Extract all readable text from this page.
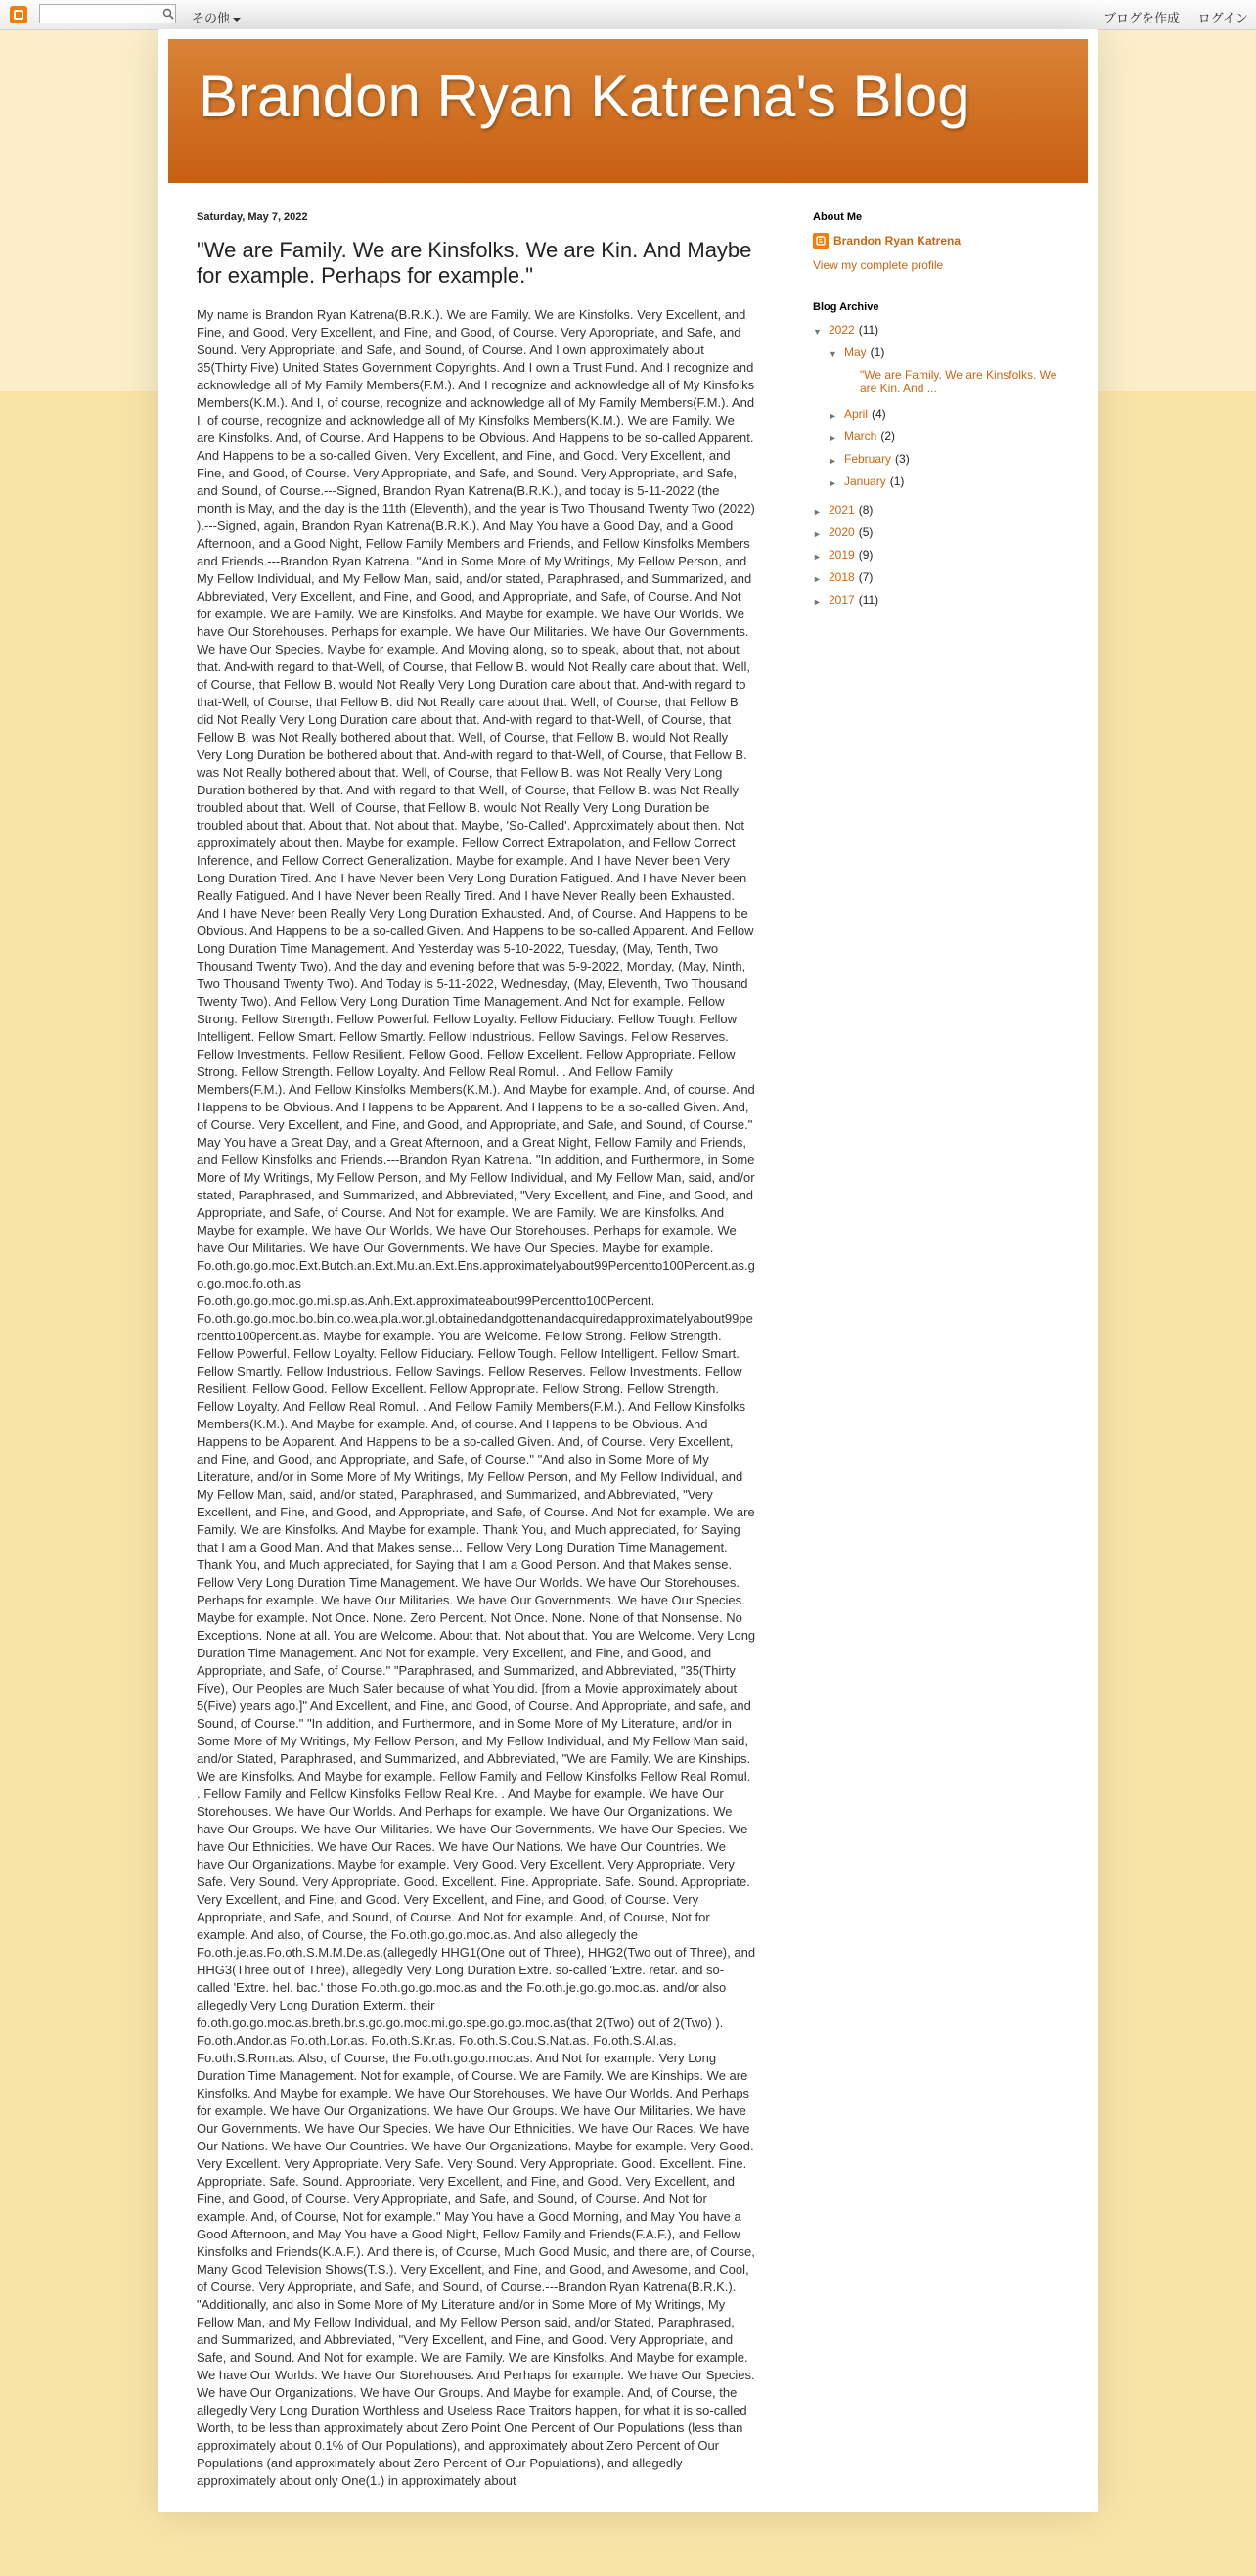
その他	ブログを作成 ログイン
Brandon Ryan Katrena's Blog
Saturday, May 7, 2022
"We are Family. We are Kinsfolks. We are Kin. And Maybe for example. Perhaps for example."
My name is Brandon Ryan Katrena(B.R.K.). We are Family. We are Kinsfolks. Very Excellent, and Fine, and Good. Very Excellent, and Fine, and Good, of Course. Very Appropriate, and Safe, and Sound. Very Appropriate, and Safe, and Sound, of Course. And I own approximately about 35(Thirty Five) United States Government Copyrights. And I own a Trust Fund. And I recognize and acknowledge all of My Family Members(F.M.). And I recognize and acknowledge all of My Kinsfolks Members(K.M.). And I, of course, recognize and acknowledge all of My Family Members(F.M.). And I, of course, recognize and acknowledge all of My Kinsfolks Members(K.M.). We are Family. We are Kinsfolks. And, of Course. And Happens to be Obvious. And Happens to be so-called Apparent. And Happens to be a so-called Given. Very Excellent, and Fine, and Good. Very Excellent, and Fine, and Good, of Course. Very Appropriate, and Safe, and Sound. Very Appropriate, and Safe, and Sound, of Course.---Signed, Brandon Ryan Katrena(B.R.K.), and today is 5-11-2022 (the month is May, and the day is the 11th (Eleventh), and the year is Two Thousand Twenty Two (2022) ).---Signed, again, Brandon Ryan Katrena(B.R.K.). And May You have a Good Day, and a Good Afternoon, and a Good Night, Fellow Family Members and Friends, and Fellow Kinsfolks Members and Friends.---Brandon Ryan Katrena. "And in Some More of My Writings, My Fellow Person, and My Fellow Individual, and My Fellow Man, said, and/or stated, Paraphrased, and Summarized, and Abbreviated, Very Excellent, and Fine, and Good, and Appropriate, and Safe, of Course. And Not for example. We are Family. We are Kinsfolks. And Maybe for example. We have Our Worlds. We have Our Storehouses. Perhaps for example. We have Our Militaries. We have Our Governments. We have Our Species. Maybe for example. And Moving along, so to speak, about that, not about that. And-with regard to that-Well, of Course, that Fellow B. would Not Really care about that. Well, of Course, that Fellow B. would Not Really Very Long Duration care about that. And-with regard to that-Well, of Course, that Fellow B. did Not Really care about that. Well, of Course, that Fellow B. did Not Really Very Long Duration care about that. And-with regard to that-Well, of Course, that Fellow B. was Not Really bothered about that. Well, of Course, that Fellow B. would Not Really Very Long Duration be bothered about that. And-with regard to that-Well, of Course, that Fellow B. was Not Really bothered about that. Well, of Course, that Fellow B. was Not Really Very Long Duration bothered by that. And-with regard to that-Well, of Course, that Fellow B. was Not Really troubled about that. Well, of Course, that Fellow B. would Not Really Very Long Duration be troubled about that. About that. Not about that. Maybe, 'So-Called'. Approximately about then. Not approximately about then. Maybe for example. Fellow Correct Extrapolation, and Fellow Correct Inference, and Fellow Correct Generalization. Maybe for example. And I have Never been Very Long Duration Tired. And I have Never been Very Long Duration Fatigued. And I have Never been Really Fatigued. And I have Never been Really Tired. And I have Never Really been Exhausted. And I have Never been Really Very Long Duration Exhausted. And, of Course. And Happens to be Obvious. And Happens to be a so-called Given. And Happens to be so-called Apparent. And Fellow Long Duration Time Management. And Yesterday was 5-10-2022, Tuesday, (May, Tenth, Two Thousand Twenty Two). And the day and evening before that was 5-9-2022, Monday, (May, Ninth, Two Thousand Twenty Two). And Today is 5-11-2022, Wednesday, (May, Eleventh, Two Thousand Twenty Two). And Fellow Very Long Duration Time Management. And Not for example. Fellow Strong. Fellow Strength. Fellow Powerful. Fellow Loyalty. Fellow Fiduciary. Fellow Tough. Fellow Intelligent. Fellow Smart. Fellow Smartly. Fellow Industrious. Fellow Savings. Fellow Reserves. Fellow Investments. Fellow Resilient. Fellow Good. Fellow Excellent. Fellow Appropriate. Fellow Strong. Fellow Strength. Fellow Loyalty. And Fellow Real Romul. . And Fellow Family Members(F.M.). And Fellow Kinsfolks Members(K.M.). And Maybe for example. And, of course. And Happens to be Obvious. And Happens to be Apparent. And Happens to be a so-called Given. And, of Course. Very Excellent, and Fine, and Good, and Appropriate, and Safe, and Sound, of Course." May You have a Great Day, and a Great Afternoon, and a Great Night, Fellow Family and Friends, and Fellow Kinsfolks and Friends.---Brandon Ryan Katrena. "In addition, and Furthermore, in Some More of My Writings, My Fellow Person, and My Fellow Individual, and My Fellow Man, said, and/or stated, Paraphrased, and Summarized, and Abbreviated, "Very Excellent, and Fine, and Good, and Appropriate, and Safe, of Course. And Not for example. We are Family. We are Kinsfolks. And Maybe for example. We have Our Worlds. We have Our Storehouses. Perhaps for example. We have Our Militaries. We have Our Governments. We have Our Species. Maybe for example. Fo.oth.go.go.moc.Ext.Butch.an.Ext.Mu.an.Ext.Ens.approximatelyabout99Percentto100Percent.as.go.go.moc.fo.oth.as Fo.oth.go.go.moc.go.mi.sp.as.Anh.Ext.approximateabout99Percentto100Percent. Fo.oth.go.go.moc.bo.bin.co.wea.pla.wor.gl.obtainedandgottenandacquiredapproximatelyabout99percentto100percent.as. Maybe for example. You are Welcome. Fellow Strong. Fellow Strength. Fellow Powerful. Fellow Loyalty. Fellow Fiduciary. Fellow Tough. Fellow Intelligent. Fellow Smart. Fellow Smartly. Fellow Industrious. Fellow Savings. Fellow Reserves. Fellow Investments. Fellow Resilient. Fellow Good. Fellow Excellent. Fellow Appropriate. Fellow Strong. Fellow Strength. Fellow Loyalty. And Fellow Real Romul. . And Fellow Family Members(F.M.). And Fellow Kinsfolks Members(K.M.). And Maybe for example. And, of course. And Happens to be Obvious. And Happens to be Apparent. And Happens to be a so-called Given. And, of Course. Very Excellent, and Fine, and Good, and Appropriate, and Safe, of Course." "And also in Some More of My Literature, and/or in Some More of My Writings, My Fellow Person, and My Fellow Individual, and My Fellow Man, said, and/or stated, Paraphrased, and Summarized, and Abbreviated, "Very Excellent, and Fine, and Good, and Appropriate, and Safe, of Course. And Not for example. We are Family. We are Kinsfolks. And Maybe for example. Thank You, and Much appreciated, for Saying that I am a Good Man. And that Makes sense... Fellow Very Long Duration Time Management. Thank You, and Much appreciated, for Saying that I am a Good Person. And that Makes sense. Fellow Very Long Duration Time Management. We have Our Worlds. We have Our Storehouses. Perhaps for example. We have Our Militaries. We have Our Governments. We have Our Species. Maybe for example. Not Once. None. Zero Percent. Not Once. None. None of that Nonsense. No Exceptions. None at all. You are Welcome. About that. Not about that. You are Welcome. Very Long Duration Time Management. And Not for example. Very Excellent, and Fine, and Good, and Appropriate, and Safe, of Course." "Paraphrased, and Summarized, and Abbreviated, "35(Thirty Five), Our Peoples are Much Safer because of what You did. [from a Movie approximately about 5(Five) years ago.]" And Excellent, and Fine, and Good, of Course. And Appropriate, and safe, and Sound, of Course." "In addition, and Furthermore, and in Some More of My Literature, and/or in Some More of My Writings, My Fellow Person, and My Fellow Individual, and My Fellow Man said, and/or Stated, Paraphrased, and Summarized, and Abbreviated, "We are Family. We are Kinships. We are Kinsfolks. And Maybe for example. Fellow Family and Fellow Kinsfolks Fellow Real Romul. . Fellow Family and Fellow Kinsfolks Fellow Real Kre. . And Maybe for example. We have Our Storehouses. We have Our Worlds. And Perhaps for example. We have Our Organizations. We have Our Groups. We have Our Militaries. We have Our Governments. We have Our Species. We have Our Ethnicities. We have Our Races. We have Our Nations. We have Our Countries. We have Our Organizations. Maybe for example. Very Good. Very Excellent. Very Appropriate. Very Safe. Very Sound. Very Appropriate. Good. Excellent. Fine. Appropriate. Safe. Sound. Appropriate. Very Excellent, and Fine, and Good. Very Excellent, and Fine, and Good, of Course. Very Appropriate, and Safe, and Sound, of Course. And Not for example. And, of Course, Not for example. And also, of Course, the Fo.oth.go.go.moc.as. And also allegedly the Fo.oth.je.as.Fo.oth.S.M.M.De.as.(allegedly HHG1(One out of Three), HHG2(Two out of Three), and HHG3(Three out of Three), allegedly Very Long Duration Extre. so-called 'Extre. retar. and so-called 'Extre. hel. bac.' those Fo.oth.go.go.moc.as and the Fo.oth.je.go.go.moc.as. and/or also allegedly Very Long Duration Exterm. their fo.oth.go.go.moc.as.breth.br.s.go.go.moc.mi.go.spe.go.go.moc.as(that 2(Two) out of 2(Two) ). Fo.oth.Andor.as Fo.oth.Lor.as. Fo.oth.S.Kr.as. Fo.oth.S.Cou.S.Nat.as. Fo.oth.S.Al.as. Fo.oth.S.Rom.as. Also, of Course, the Fo.oth.go.go.moc.as. And Not for example. Very Long Duration Time Management. Not for example, of Course. We are Family. We are Kinships. We are Kinsfolks. And Maybe for example. We have Our Storehouses. We have Our Worlds. And Perhaps for example. We have Our Organizations. We have Our Groups. We have Our Militaries. We have Our Governments. We have Our Species. We have Our Ethnicities. We have Our Races. We have Our Nations. We have Our Countries. We have Our Organizations. Maybe for example. Very Good. Very Excellent. Very Appropriate. Very Safe. Very Sound. Very Appropriate. Good. Excellent. Fine. Appropriate. Safe. Sound. Appropriate. Very Excellent, and Fine, and Good. Very Excellent, and Fine, and Good, of Course. Very Appropriate, and Safe, and Sound, of Course. And Not for example. And, of Course, Not for example." May You have a Good Morning, and May You have a Good Afternoon, and May You have a Good Night, Fellow Family and Friends(F.A.F.), and Fellow Kinsfolks and Friends(K.A.F.). And there is, of Course, Much Good Music, and there are, of Course, Many Good Television Shows(T.S.). Very Excellent, and Fine, and Good, and Awesome, and Cool, of Course. Very Appropriate, and Safe, and Sound, of Course.---Brandon Ryan Katrena(B.R.K.). "Additionally, and also in Some More of My Literature and/or in Some More of My Writings, My Fellow Man, and My Fellow Individual, and My Fellow Person said, and/or Stated, Paraphrased, and Summarized, and Abbreviated, "Very Excellent, and Fine, and Good. Very Appropriate, and Safe, and Sound. And Not for example. We are Family. We are Kinsfolks. And Maybe for example. We have Our Worlds. We have Our Storehouses. And Perhaps for example. We have Our Species. We have Our Organizations. We have Our Groups. And Maybe for example. And, of Course, the allegedly Very Long Duration Worthless and Useless Race Traitors happen, for what it is so-called Worth, to be less than approximately about Zero Point One Percent of Our Populations (less than approximately about 0.1% of Our Populations), and approximately about Zero Percent of Our Populations (and approximately about Zero Percent of Our Populations), and allegedly approximately about only One(1.) in approximately about
About Me
Brandon Ryan Katrena
View my complete profile
Blog Archive
▼ 2022 (11)
▼ May (1)
"We are Family. We are Kinsfolks. We are Kin. And ...
► April (4)
► March (2)
► February (3)
► January (1)
► 2021 (8)
► 2020 (5)
► 2019 (9)
► 2018 (7)
► 2017 (11)
